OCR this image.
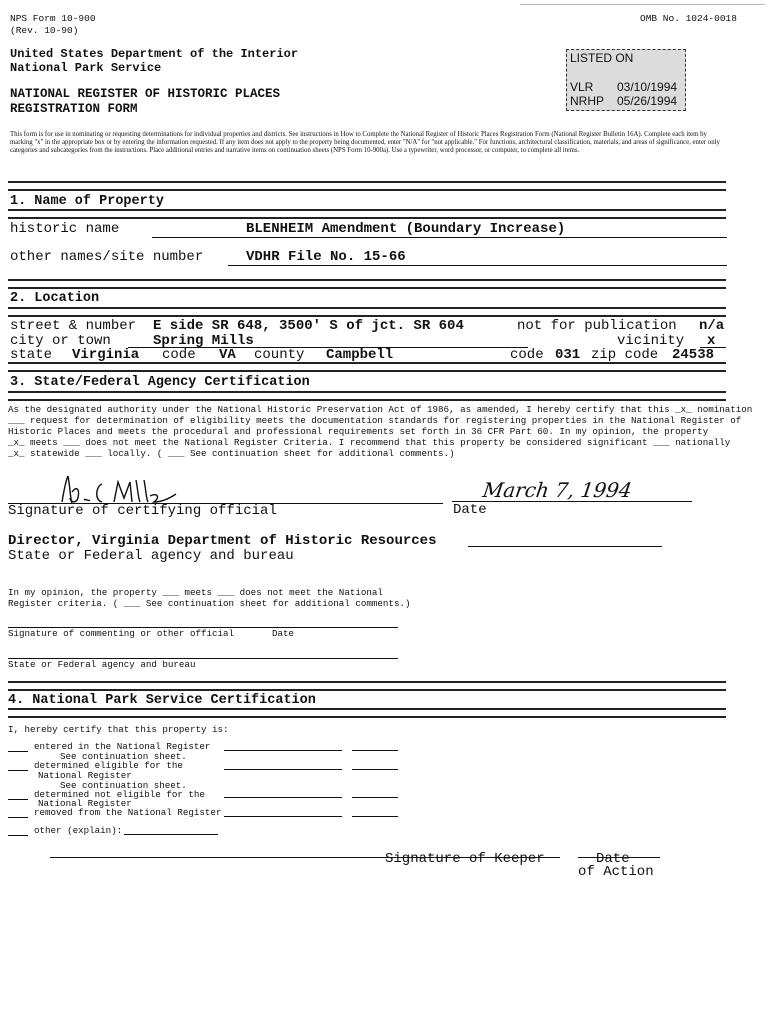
NPS Form 10-900
(Rev. 10-90)
OMB No. 1024-0018
United States Department of the Interior
National Park Service
NATIONAL REGISTER OF HISTORIC PLACES
REGISTRATION FORM
LISTED ON
VLR 03/10/1994
NRHP 05/26/1994
This form is for use in nominating or requesting determinations for individual properties and districts. See instructions in How to Complete the National Register of Historic Places Registration Form (National Register Bulletin 16A). Complete each item by marking "x" in the appropriate box or by entering the information requested. If any item does not apply to the property being documented, enter "N/A" for "not applicable." For functions, architectural classification, materials, and areas of significance, enter only categories and subcategories from the instructions. Place additional entries and narrative items on continuation sheets (NPS Form 10-900a). Use a typewriter, word processor, or computer, to complete all items.
1. Name of Property
historic name	BLENHEIM Amendment (Boundary Increase)
other names/site number	VDHR File No. 15-66
2. Location
street & number E side SR 648, 3500' S of jct. SR 604	not for publication n/a
city or town	Spring Mills	vicinity x
state Virginia code VA county Campbell	code 031 zip code 24538
3. State/Federal Agency Certification
As the designated authority under the National Historic Preservation Act of 1986, as amended, I hereby certify that this _x_ nomination
___ request for determination of eligibility meets the documentation standards for registering properties in the National Register of
Historic Places and meets the procedural and professional requirements set forth in 36 CFR Part 60. In my opinion, the property
_x_ meets ___ does not meet the National Register Criteria. I recommend that this property be considered significant ___ nationally
_x_ statewide ___ locally. ( ___ See continuation sheet for additional comments.)
Signature of certifying official
March 7, 1994
Date
Director, Virginia Department of Historic Resources
State or Federal agency and bureau
In my opinion, the property ___ meets ___ does not meet the National
Register criteria. ( ___ See continuation sheet for additional comments.)
Signature of commenting or other official	Date
State or Federal agency and bureau
4. National Park Service Certification
I, hereby certify that this property is:
entered in the National Register
See continuation sheet.
determined eligible for the
National Register
See continuation sheet.
determined not eligible for the
National Register
removed from the National Register
other (explain):
Signature of Keeper	Date
of Action
